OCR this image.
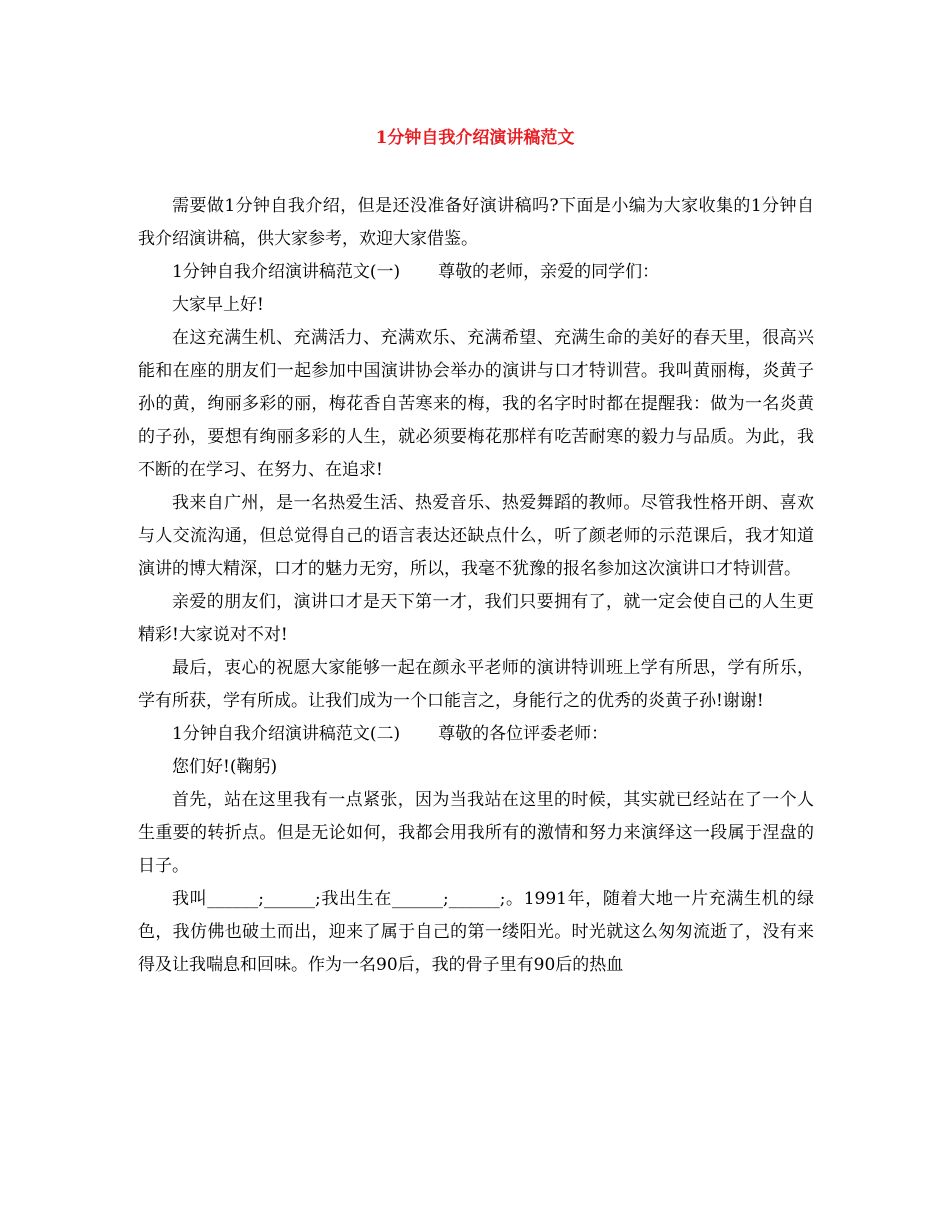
1分钟自我介绍演讲稿范文

需要做1分钟自我介绍，但是还没准备好演讲稿吗?下面是小编为大家收集的1分钟自我介绍演讲稿，供大家参考，欢迎大家借鉴。

1分钟自我介绍演讲稿范文(一) 尊敬的老师，亲爱的同学们：

大家早上好!

在这充满生机、充满活力、充满欢乐、充满希望、充满生命的美好的春天里，很高兴能和在座的朋友们一起参加中国演讲协会举办的演讲与口才特训营。我叫黄丽梅，炎黄子孙的黄，绚丽多彩的丽，梅花香自苦寒来的梅，我的名字时时都在提醒我：做为一名炎黄的子孙，要想有绚丽多彩的人生，就必须要梅花那样有吃苦耐寒的毅力与品质。为此，我不断的在学习、在努力、在追求!

我来自广州，是一名热爱生活、热爱音乐、热爱舞蹈的教师。尽管我性格开朗、喜欢与人交流沟通，但总觉得自己的语言表达还缺点什么，听了颜老师的示范课后，我才知道演讲的博大精深，口才的魅力无穷，所以，我毫不犹豫的报名参加这次演讲口才特训营。

亲爱的朋友们，演讲口才是天下第一才，我们只要拥有了，就一定会使自己的人生更精彩!大家说对不对!

最后，衷心的祝愿大家能够一起在颜永平老师的演讲特训班上学有所思，学有所乐，学有所获，学有所成。让我们成为一个口能言之，身能行之的优秀的炎黄子孙!谢谢!

1分钟自我介绍演讲稿范文(二) 尊敬的各位评委老师：

您们好!(鞠躬)

首先，站在这里我有一点紧张，因为当我站在这里的时候，其实就已经站在了一个人生重要的转折点。但是无论如何，我都会用我所有的激情和努力来演绎这一段属于涅盘的日子。

我叫______;______;我出生在______;______;。1991年，随着大地一片充满生机的绿色，我仿佛也破土而出，迎来了属于自己的第一缕阳光。时光就这么匆匆流逝了，没有来得及让我喘息和回味。作为一名90后，我的骨子里有90后的热血
